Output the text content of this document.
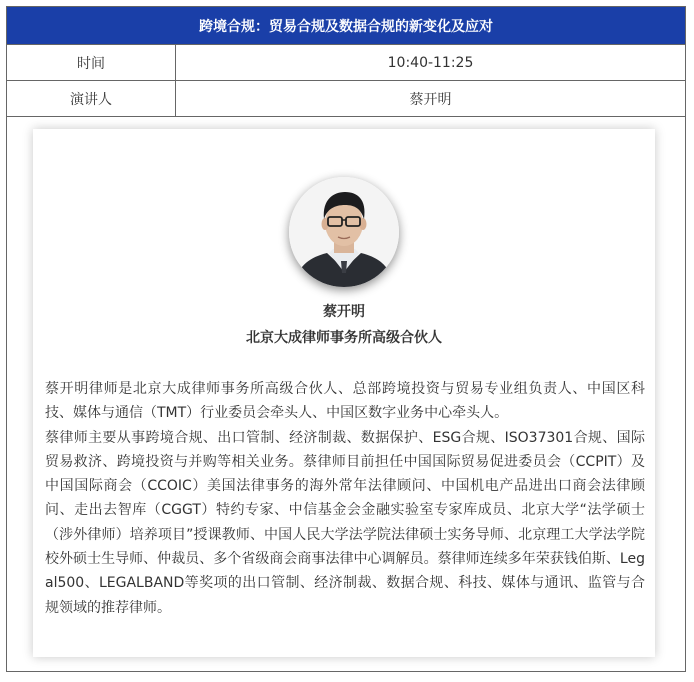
跨境合规：贸易合规及数据合规的新变化及应对
时间	10:40-11:25
演讲人	蔡开明
蔡开明
北京大成律师事务所高级合伙人

蔡开明律师是北京大成律师事务所高级合伙人、总部跨境投资与贸易专业组负责人、中国区科技、媒体与通信（TMT）行业委员会牵头人、中国区数字业务中心牵头人。
蔡律师主要从事跨境合规、出口管制、经济制裁、数据保护、ESG合规、ISO37301合规、国际贸易救济、跨境投资与并购等相关业务。蔡律师目前担任中国国际贸易促进委员会（CCPIT）及中国国际商会（CCOIC）美国法律事务的海外常年法律顾问、中国机电产品进出口商会法律顾问、走出去智库（CGGT）特约专家、中信基金会金融实验室专家库成员、北京大学“法学硕士（涉外律师）培养项目”授课教师、中国人民大学法学院法律硕士实务导师、北京理工大学法学院校外硕士生导师、仲裁员、多个省级商会商事法律中心调解员。蔡律师连续多年荣获钱伯斯、Legal500、LEGALBAND等奖项的出口管制、经济制裁、数据合规、科技、媒体与通讯、监管与合规领域的推荐律师。
